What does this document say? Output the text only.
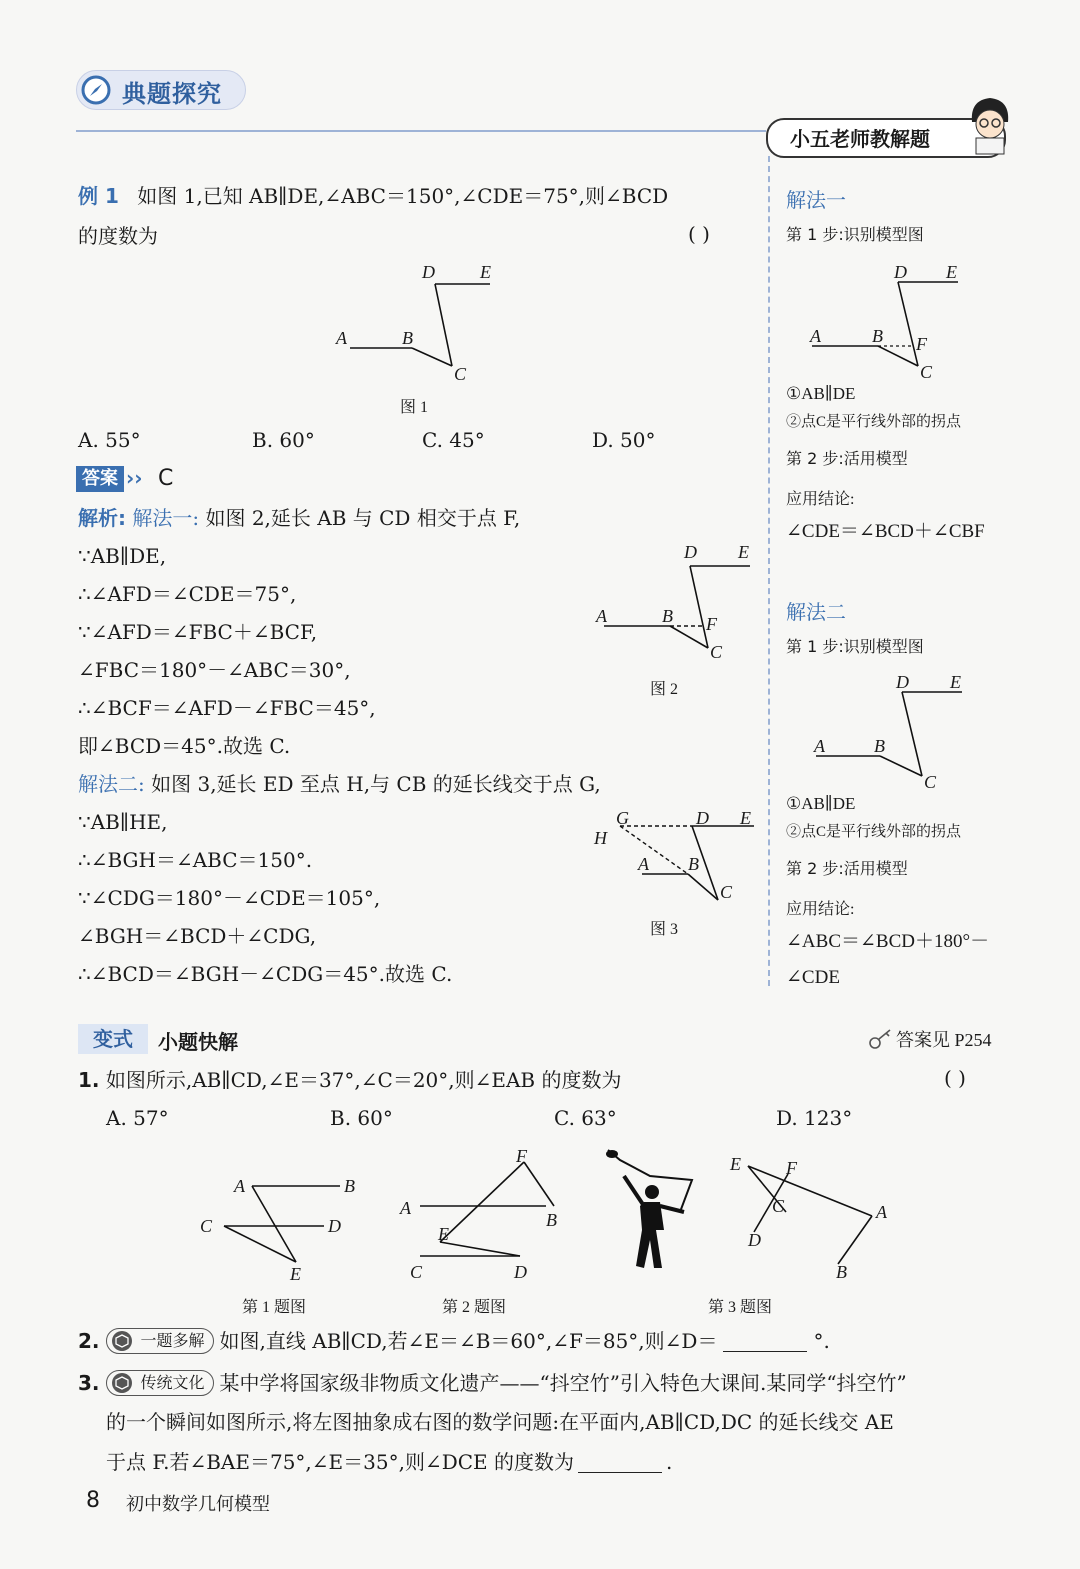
典题探究
小五老师教解题
例 1 如图 1,已知 AB∥DE,∠ABC＝150°,∠CDE＝75°,则∠BCD
的度数为	( )
D	E
A	B
C
图 1
A. 55°	B. 60°	C. 45°	D. 50°
答案 ›› C
解析: 解法一: 如图 2,延长 AB 与 CD 相交于点 F,
∵AB∥DE,
∴∠AFD＝∠CDE＝75°,
∵∠AFD＝∠FBC＋∠BCF,
∠FBC＝180°－∠ABC＝30°,
∴∠BCF＝∠AFD－∠FBC＝45°,
即∠BCD＝45°.故选 C.
D E
A	B F
C
图 2
解法二: 如图 3,延长 ED 至点 H,与 CB 的延长线交于点 G,
∵AB∥HE,
∴∠BGH＝∠ABC＝150°.
∵∠CDG＝180°－∠CDE＝105°,
∠BGH＝∠BCD＋∠CDG,
∴∠BCD＝∠BGH－∠CDG＝45°.故选 C.
G	D E
H
A B
C
图 3
解法一
第 1 步:识别模型图
D E
A	B F
C
①AB∥DE
②点C是平行线外部的拐点
第 2 步:活用模型
应用结论:
∠CDE＝∠BCD＋∠CBF
解法二
第 1 步:识别模型图
D E
A	B
C
①AB∥DE
②点C是平行线外部的拐点
第 2 步:活用模型
应用结论:
∠ABC＝∠BCD＋180°－
∠CDE
变式	小题快解	答案见 P254
1. 如图所示,AB∥CD,∠E＝37°,∠C＝20°,则∠EAB 的度数为	( )
A. 57°	B. 60°	C. 63°	D. 123°
A	B
C	D
E
F
A
B
E
C	D
E	F
C	A
D
B
第 1 题图	第 2 题图	第 3 题图
2.	一题多解 如图,直线 AB∥CD,若∠E＝∠B＝60°,∠F＝85°,则∠D＝	°.
3.	传统文化 某中学将国家级非物质文化遗产——“抖空竹”引入特色大课间.某同学“抖空竹”
的一个瞬间如图所示,将左图抽象成右图的数学问题:在平面内,AB∥CD,DC 的延长线交 AE
于点 F.若∠BAE＝75°,∠E＝35°,则∠DCE 的度数为	.
8 初中数学几何模型
